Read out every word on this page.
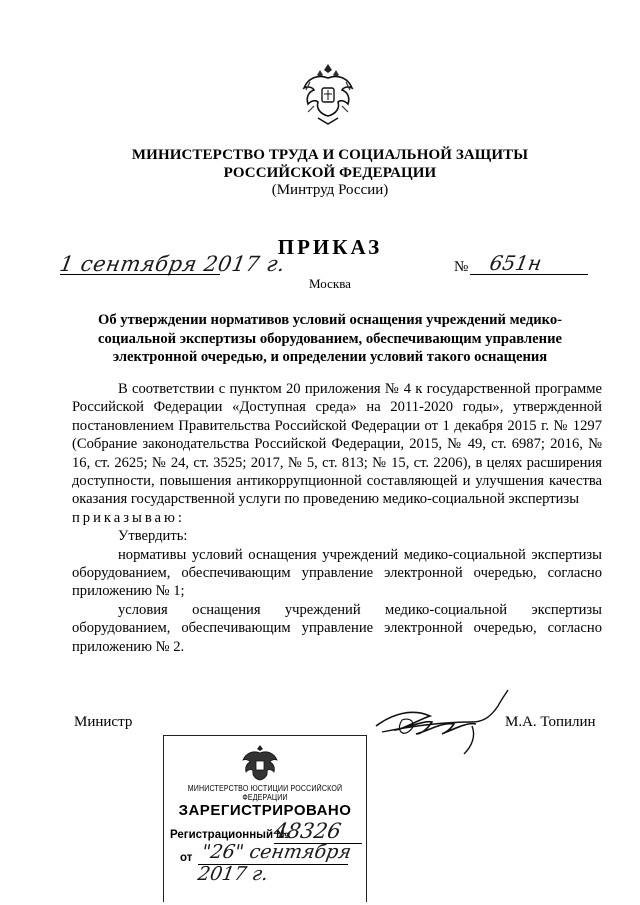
МИНИСТЕРСТВО ТРУДА И СОЦИАЛЬНОЙ ЗАЩИТЫ
РОССИЙСКОЙ ФЕДЕРАЦИИ
(Минтруд России)
ПРИКАЗ
1 сентября 2017 г.	№ 651н
Москва
Об утверждении нормативов условий оснащения учреждений медико-социальной экспертизы оборудованием, обеспечивающим управление электронной очередью, и определении условий такого оснащения

В соответствии с пунктом 20 приложения № 4 к государственной программе Российской Федерации «Доступная среда» на 2011-2020 годы», утвержденной постановлением Правительства Российской Федерации от 1 декабря 2015 г. № 1297 (Собрание законодательства Российской Федерации, 2015, № 49, ст. 6987; 2016, № 16, ст. 2625; № 24, ст. 3525; 2017, № 5, ст. 813; № 15, ст. 2206), в целях расширения доступности, повышения антикоррупционной составляющей и улучшения качества оказания государственной услуги по проведению медико-социальной экспертизы

приказываю:

Утвердить:

нормативы условий оснащения учреждений медико-социальной экспертизы оборудованием, обеспечивающим управление электронной очередью, согласно приложению № 1;

условия оснащения учреждений медико-социальной экспертизы оборудованием, обеспечивающим управление электронной очередью, согласно приложению № 2.

Министр	М.А. Топилин
МИНИСТЕРСТВО ЮСТИЦИИ РОССИЙСКОЙ ФЕДЕРАЦИИ
ЗАРЕГИСТРИРОВАНО
Регистрационный №
48326
от "26" сентября 2017 г.
